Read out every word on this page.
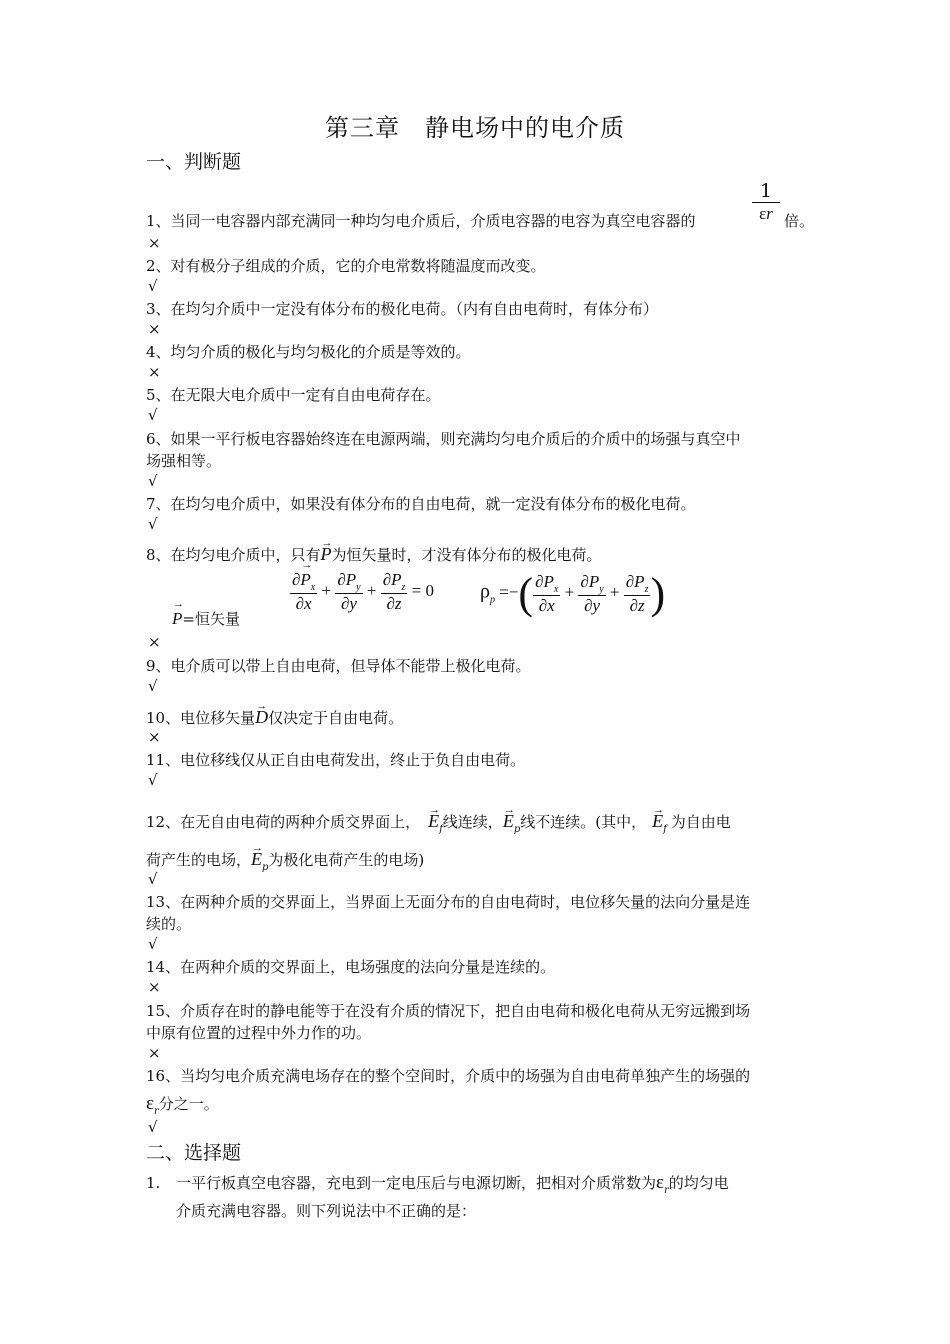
第三章　静电场中的电介质
一、判断题
1、当同一电容器内部充满同一种均匀电介质后，介质电容器的电容为真空电容器的	$\frac{1}{\varepsilon r}$ 倍。
×
2、对有极分子组成的介质，它的介电常数将随温度而改变。
√
3、在均匀介质中一定没有体分布的极化电荷。（内有自由电荷时，有体分布）
×
4、均匀介质的极化与均匀极化的介质是等效的。
×
5、在无限大电介质中一定有自由电荷存在。
√
6、如果一平行板电容器始终连在电源两端，则充满均匀电介质后的介质中的场强与真空中
场强相等。
√
7、在均匀电介质中，如果没有体分布的自由电荷，就一定没有体分布的极化电荷。
√
8、在均匀电介质中，只有→ P为恒矢量时，才没有体分布的极化电荷。
→ P=恒矢量
$\frac{\partial\to P_x}{\partial x} + \frac{\partial P_y}{\partial y} + \frac{\partial P_z}{\partial z} = 0$ $\rho_p$ =−( $\frac{\partial P_x}{\partial x} + \frac{\partial P_y}{\partial y} + \frac{\partial P_z}{\partial z}$ )
×
9、电介质可以带上自由电荷，但导体不能带上极化电荷。
√
10、电位移矢量→ D仅决定于自由电荷。
×
11、电位移线仅从正自由电荷发出，终止于负自由电荷。
√
12、在无自由电荷的两种介质交界面上， → $E_f$线连续，→ $E_p$线不连续。(其中， → $E_f$ 为自由电
荷产生的电场，→ $E_p$为极化电荷产生的电场)
√
13、在两种介质的交界面上，当界面上无面分布的自由电荷时，电位移矢量的法向分量是连
续的。
√
14、在两种介质的交界面上，电场强度的法向分量是连续的。
×
15、介质存在时的静电能等于在没有介质的情况下，把自由电荷和极化电荷从无穷远搬到场
中原有位置的过程中外力作的功。
×
16、当均匀电介质充满电场存在的整个空间时，介质中的场强为自由电荷单独产生的场强的
$\varepsilon_r$分之一。
√
二、选择题
1. 一平行板真空电容器，充电到一定电压后与电源切断，把相对介质常数为$\varepsilon_r$的均匀电
介质充满电容器。则下列说法中不正确的是：
